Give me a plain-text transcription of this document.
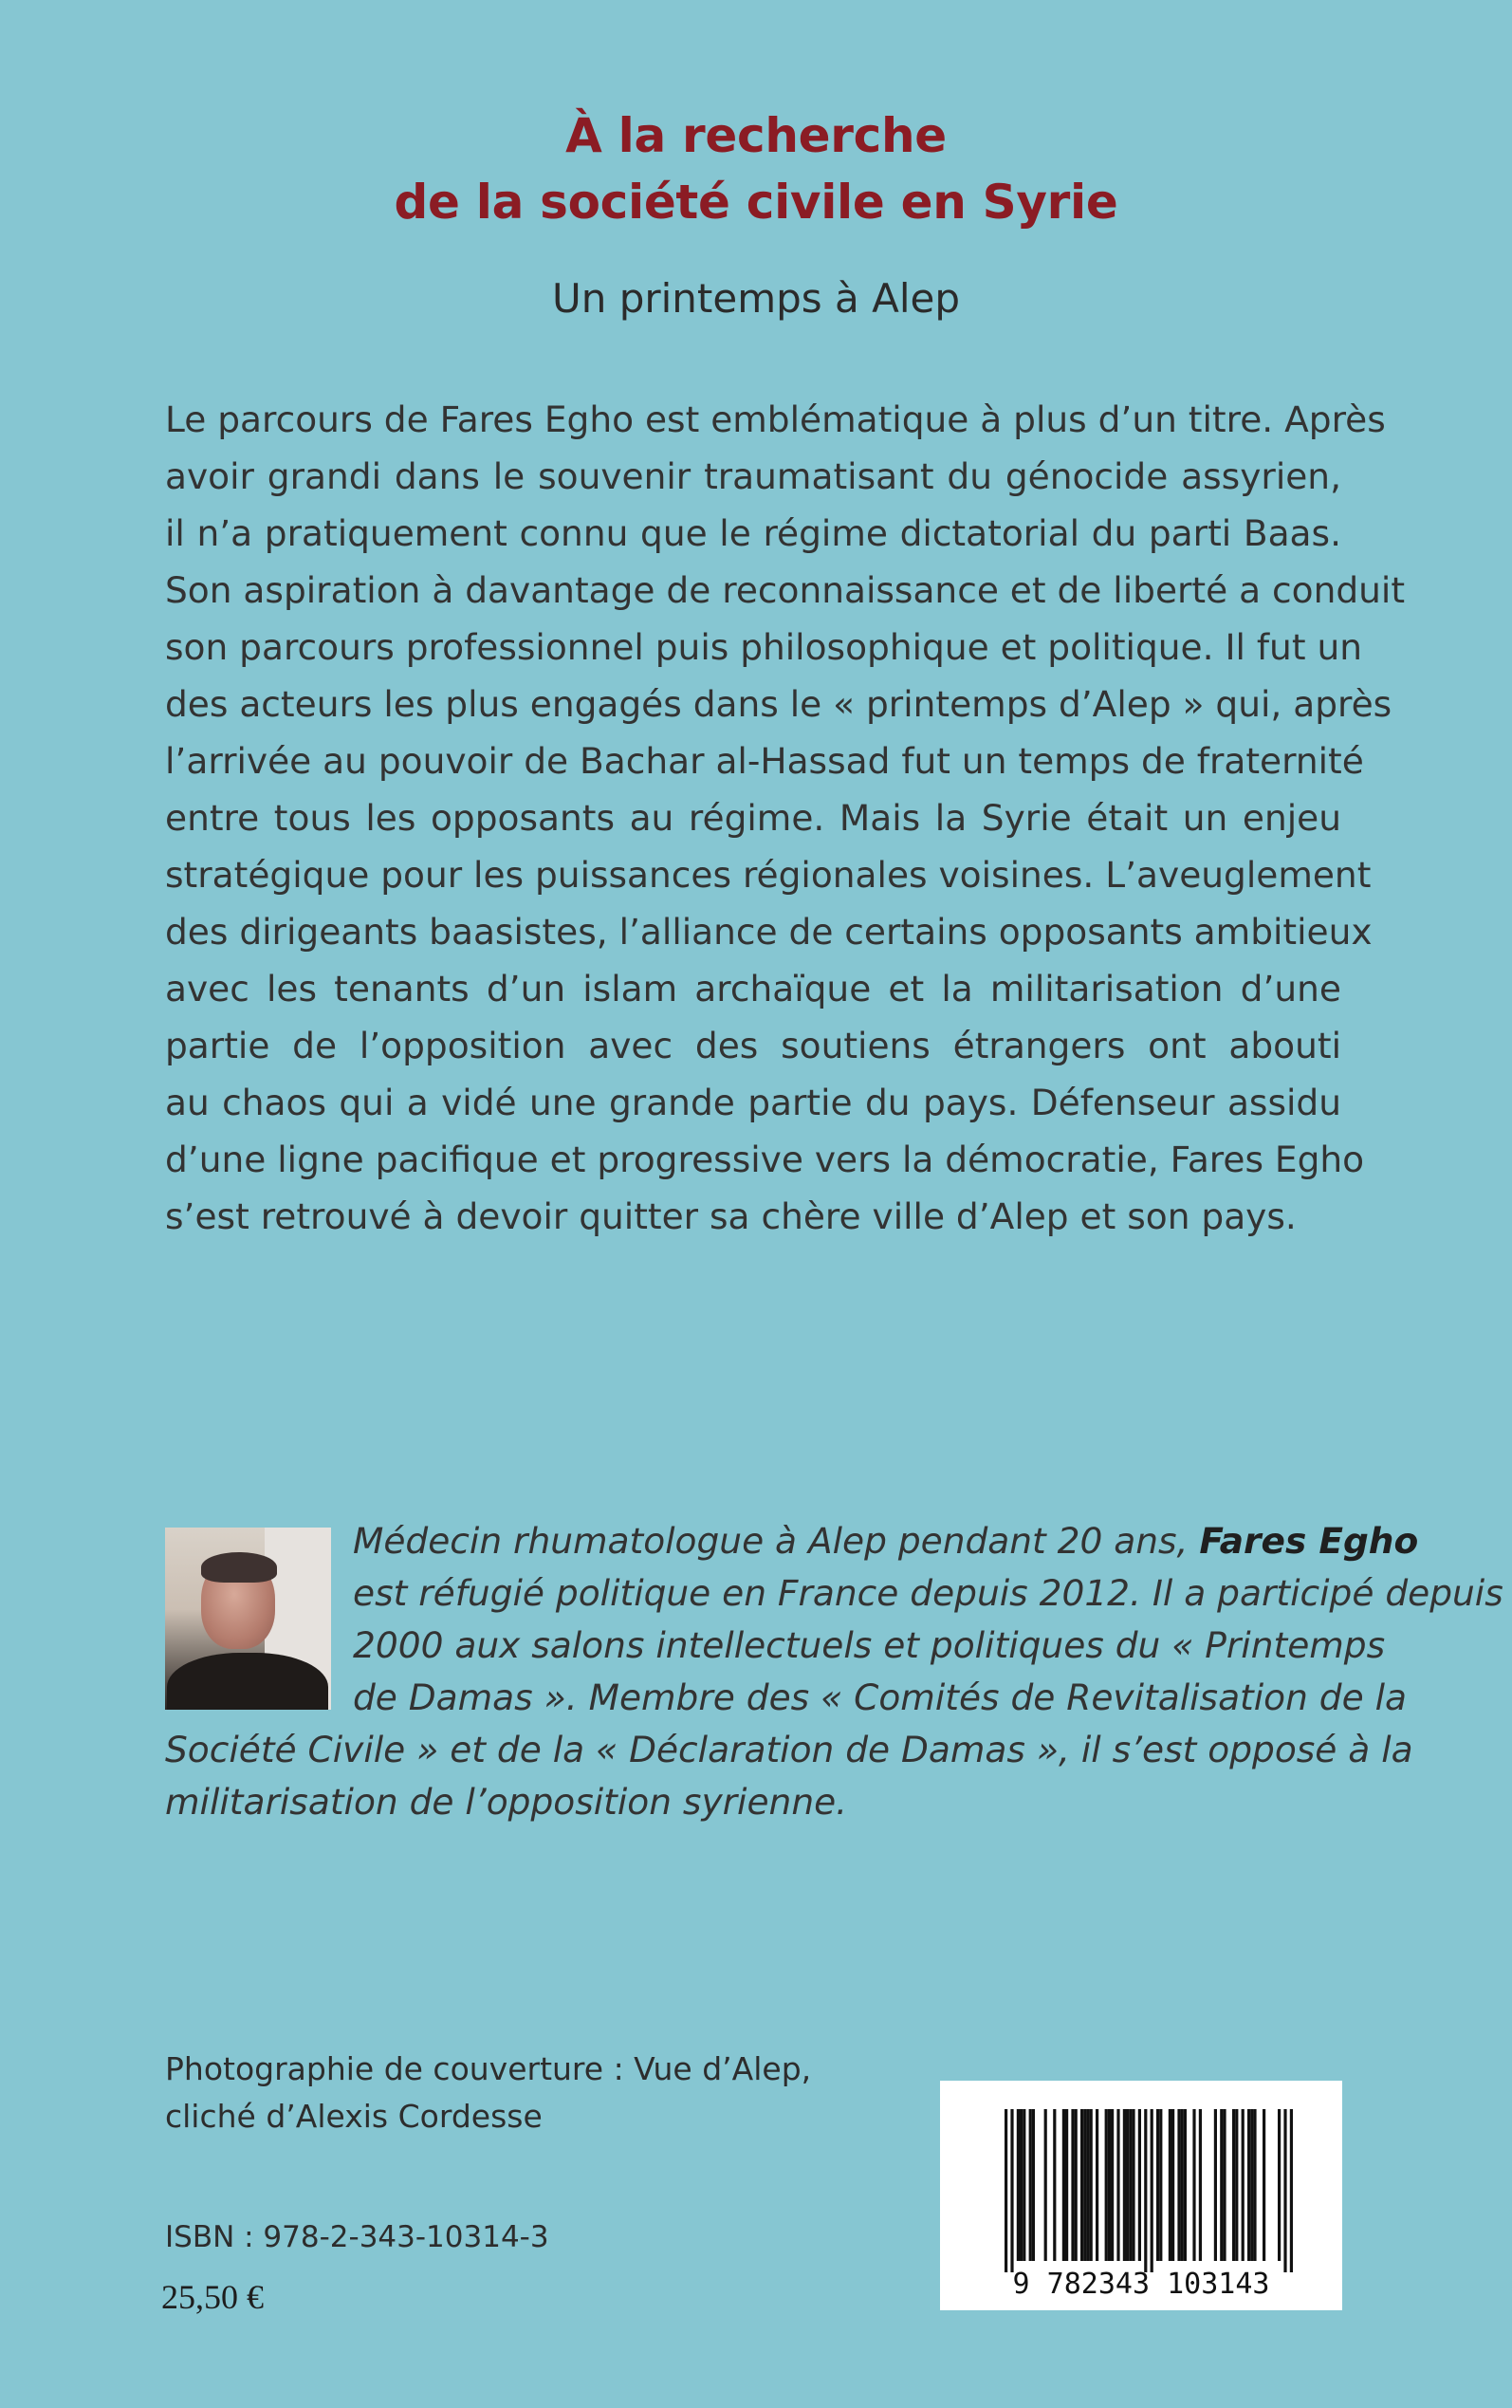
À la recherche
de la société civile en Syrie
Un printemps à Alep
Le parcours de Fares Egho est emblématique à plus d’un titre. Après
avoir grandi dans le souvenir traumatisant du génocide assyrien,
il n’a pratiquement connu que le régime dictatorial du parti Baas.
Son aspiration à davantage de reconnaissance et de liberté a conduit
son parcours professionnel puis philosophique et politique. Il fut un
des acteurs les plus engagés dans le « printemps d’Alep » qui, après
l’arrivée au pouvoir de Bachar al-Hassad fut un temps de fraternité
entre tous les opposants au régime. Mais la Syrie était un enjeu
stratégique pour les puissances régionales voisines. L’aveuglement
des dirigeants baasistes, l’alliance de certains opposants ambitieux
avec les tenants d’un islam archaïque et la militarisation d’une
partie de l’opposition avec des soutiens étrangers ont abouti
au chaos qui a vidé une grande partie du pays. Défenseur assidu
d’une ligne pacifique et progressive vers la démocratie, Fares Egho
s’est retrouvé à devoir quitter sa chère ville d’Alep et son pays.
Médecin rhumatologue à Alep pendant 20 ans, Fares Egho
est réfugié politique en France depuis 2012. Il a participé depuis
2000 aux salons intellectuels et politiques du « Printemps
de Damas ». Membre des « Comités de Revitalisation de la
Société Civile » et de la « Déclaration de Damas », il s’est opposé à la
militarisation de l’opposition syrienne.
Photographie de couverture : Vue d’Alep,
cliché d’Alexis Cordesse
ISBN : 978-2-343-10314-3
25,50 €	9 782343 103143
